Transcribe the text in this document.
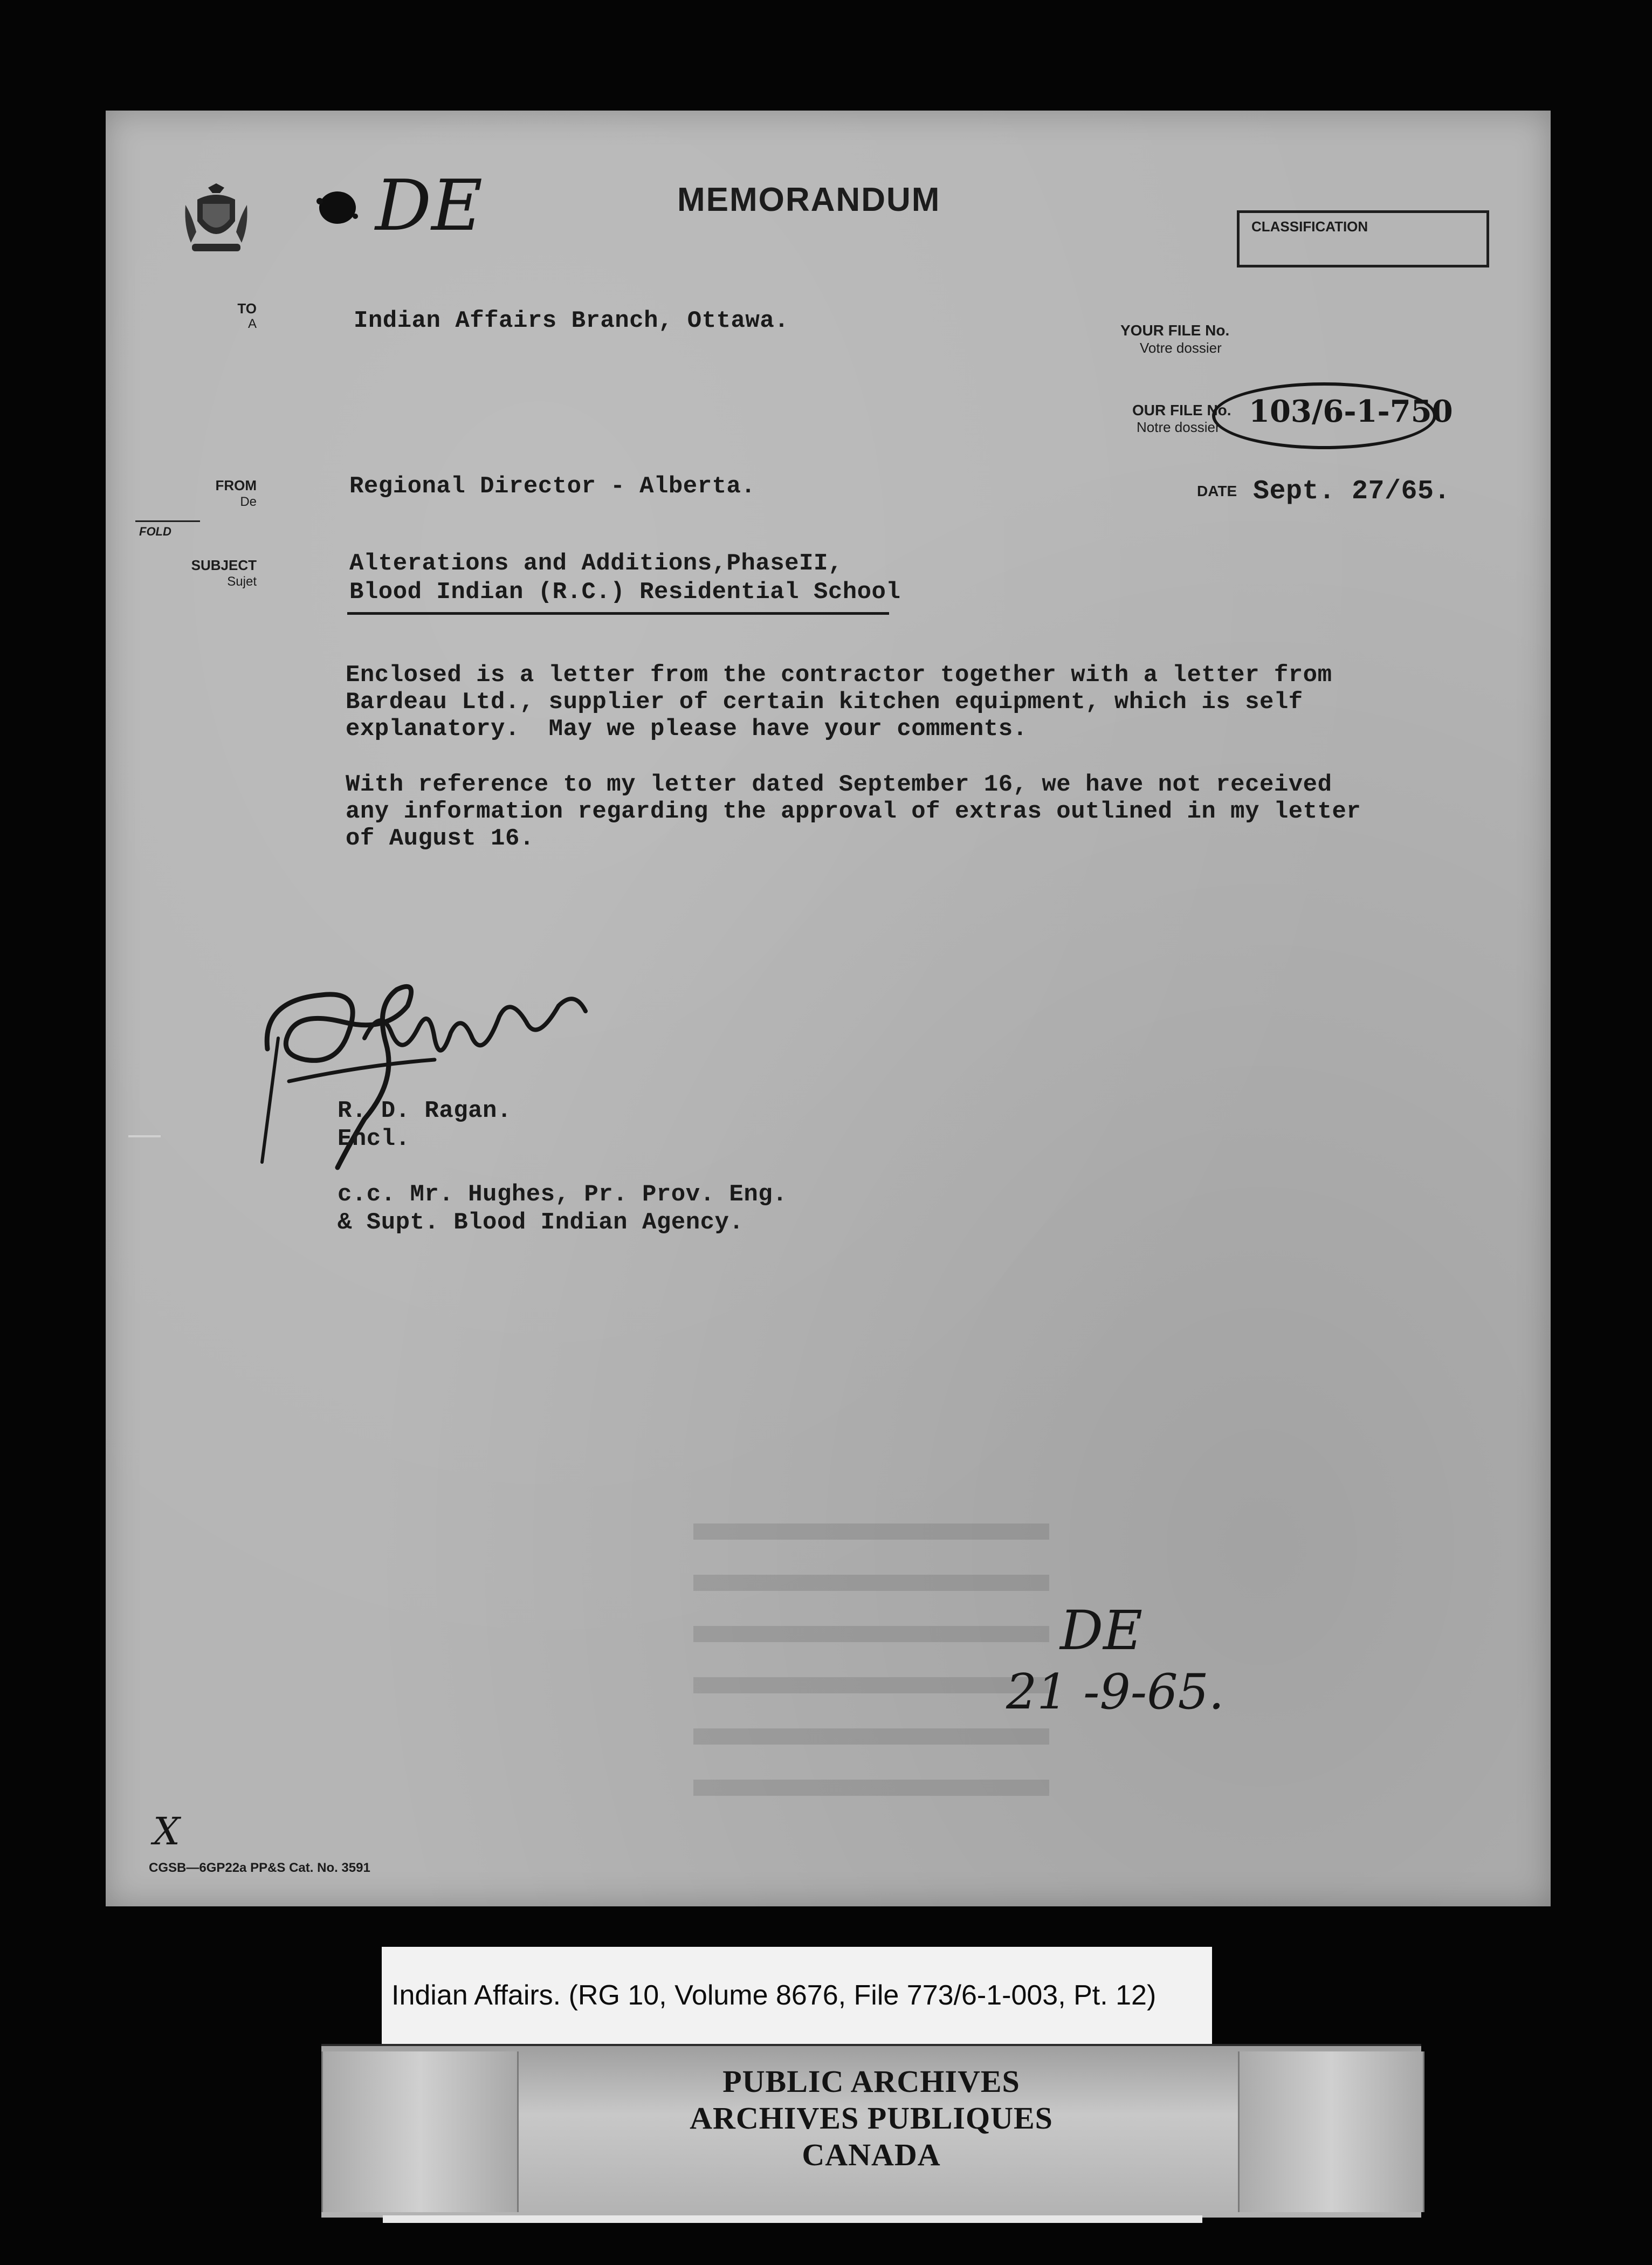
DE	MEMORANDUM
CLASSIFICATION
TO
A	Indian Affairs Branch, Ottawa.	YOUR FILE No.
Votre dossier
OUR FILE No.
Notre dossier 103/6-1-750
FROM
De
Regional Director - Alberta.	DATE Sept. 27/65.
FOLD
SUBJECT
Sujet
Alterations and Additions,PhaseII,
Blood Indian (R.C.) Residential School
Enclosed is a letter from the contractor together with a letter from
Bardeau Ltd., supplier of certain kitchen equipment, which is self
explanatory.  May we please have your comments.
With reference to my letter dated September 16, we have not received
any information regarding the approval of extras outlined in my letter
of August 16.
R. D. Ragan.
Encl.
c.c. Mr. Hughes, Pr. Prov. Eng.
& Supt. Blood Indian Agency.
DE
21 -9-65.
X
CGSB—6GP22a PP&S Cat. No. 3591
Indian Affairs. (RG 10, Volume 8676, File 773/6-1-003, Pt. 12)
PUBLIC ARCHIVES
ARCHIVES PUBLIQUES
CANADA
